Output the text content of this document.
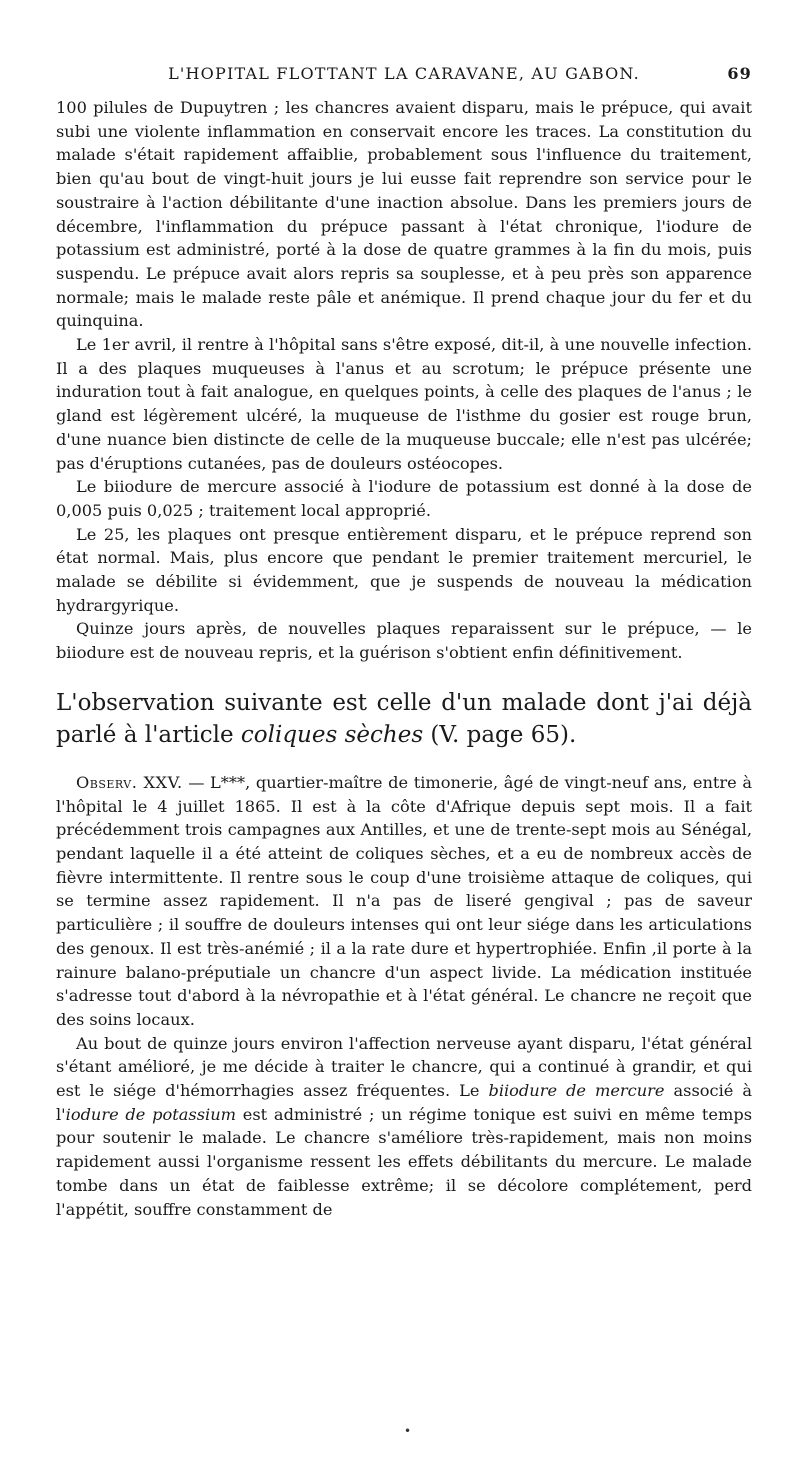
L'HOPITAL FLOTTANT LA CARAVANE, AU GABON.	69

100 pilules de Dupuytren ; les chancres avaient disparu, mais le prépuce, qui avait subi une violente inflammation en conservait encore les traces. La constitution du malade s'était rapidement affaiblie, probablement sous l'influence du traitement, bien qu'au bout de vingt-huit jours je lui eusse fait reprendre son service pour le soustraire à l'action débilitante d'une inaction absolue. Dans les premiers jours de décembre, l'inflammation du prépuce passant à l'état chronique, l'iodure de potassium est administré, porté à la dose de quatre grammes à la fin du mois, puis suspendu. Le prépuce avait alors repris sa souplesse, et à peu près son apparence normale; mais le malade reste pâle et anémique. Il prend chaque jour du fer et du quinquina.

Le 1er avril, il rentre à l'hôpital sans s'être exposé, dit-il, à une nouvelle infection. Il a des plaques muqueuses à l'anus et au scrotum; le prépuce présente une induration tout à fait analogue, en quelques points, à celle des plaques de l'anus ; le gland est légèrement ulcéré, la muqueuse de l'isthme du gosier est rouge brun, d'une nuance bien distincte de celle de la muqueuse buccale; elle n'est pas ulcérée; pas d'éruptions cutanées, pas de douleurs ostéocopes.

Le biiodure de mercure associé à l'iodure de potassium est donné à la dose de 0,005 puis 0,025 ; traitement local approprié.

Le 25, les plaques ont presque entièrement disparu, et le prépuce reprend son état normal. Mais, plus encore que pendant le premier traitement mercuriel, le malade se débilite si évidemment, que je suspends de nouveau la médication hydrargyrique.

Quinze jours après, de nouvelles plaques reparaissent sur le prépuce, — le biiodure est de nouveau repris, et la guérison s'obtient enfin définitivement.

L'observation suivante est celle d'un malade dont j'ai déjà parlé à l'article coliques sèches (V. page 65).

Observ. XXV. — L***, quartier-maître de timonerie, âgé de vingt-neuf ans, entre à l'hôpital le 4 juillet 1865. Il est à la côte d'Afrique depuis sept mois. Il a fait précédemment trois campagnes aux Antilles, et une de trente-sept mois au Sénégal, pendant laquelle il a été atteint de coliques sèches, et a eu de nombreux accès de fièvre intermittente. Il rentre sous le coup d'une troisième attaque de coliques, qui se termine assez rapidement. Il n'a pas de liseré gengival ; pas de saveur particulière ; il souffre de douleurs intenses qui ont leur siége dans les articulations des genoux. Il est très-anémié ; il a la rate dure et hypertrophiée. Enfin ,il porte à la rainure balano-préputiale un chancre d'un aspect livide. La médication instituée s'adresse tout d'abord à la névropathie et à l'état général. Le chancre ne reçoit que des soins locaux.

Au bout de quinze jours environ l'affection nerveuse ayant disparu, l'état général s'étant amélioré, je me décide à traiter le chancre, qui a continué à grandir, et qui est le siége d'hémorrhagies assez fréquentes. Le biiodure de mercure associé à l'iodure de potassium est administré ; un régime tonique est suivi en même temps pour soutenir le malade. Le chancre s'améliore très-rapidement, mais non moins rapidement aussi l'organisme ressent les effets débilitants du mercure. Le malade tombe dans un état de faiblesse extrême; il se décolore complétement, perd l'appétit, souffre constamment de

•
